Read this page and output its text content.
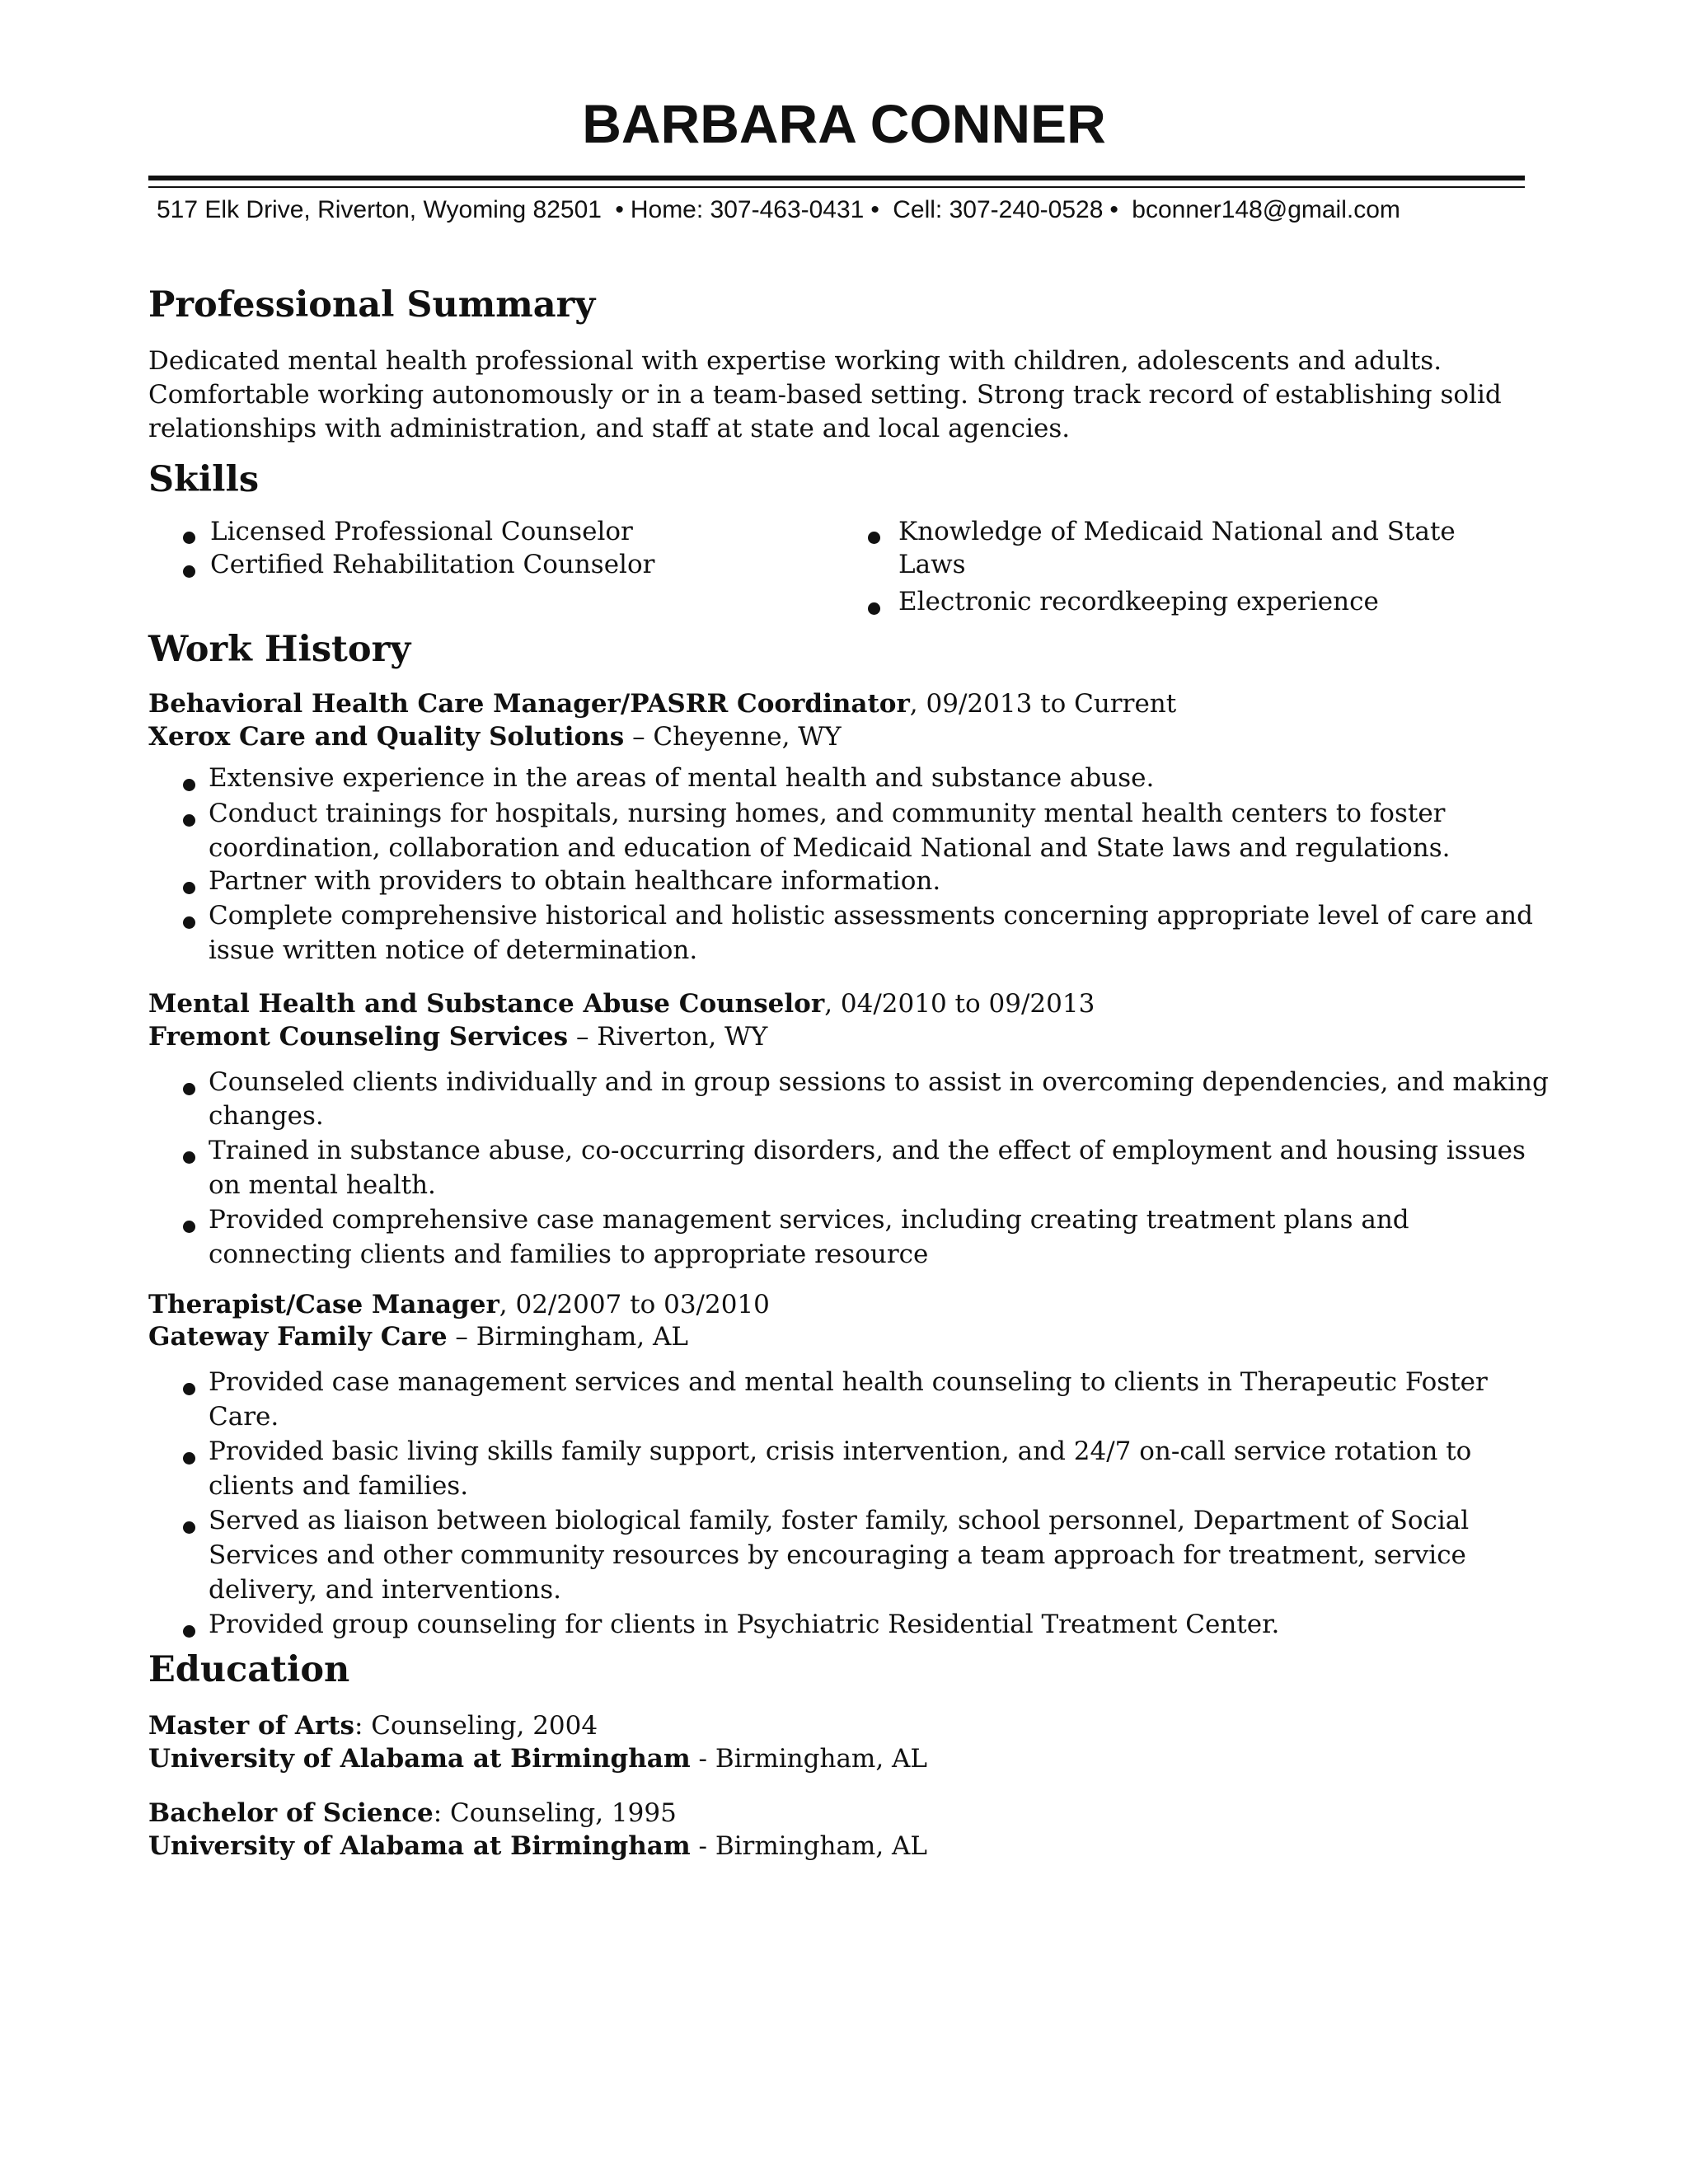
BARBARA CONNER
517 Elk Drive, Riverton, Wyoming 82501 • Home: 307-463-0431 • Cell: 307-240-0528 • bconner148@gmail.com
Professional Summary
Dedicated mental health professional with expertise working with children, adolescents and adults.
Comfortable working autonomously or in a team-based setting. Strong track record of establishing solid
relationships with administration, and staff at state and local agencies.
Skills
Licensed Professional Counselor
Certified Rehabilitation Counselor
Knowledge of Medicaid National and State
Laws
Electronic recordkeeping experience
Work History
Behavioral Health Care Manager/PASRR Coordinator, 09/2013 to Current
Xerox Care and Quality Solutions – Cheyenne, WY
Extensive experience in the areas of mental health and substance abuse.
Conduct trainings for hospitals, nursing homes, and community mental health centers to foster
coordination, collaboration and education of Medicaid National and State laws and regulations.
Partner with providers to obtain healthcare information.
Complete comprehensive historical and holistic assessments concerning appropriate level of care and
issue written notice of determination.
Mental Health and Substance Abuse Counselor, 04/2010 to 09/2013
Fremont Counseling Services – Riverton, WY
Counseled clients individually and in group sessions to assist in overcoming dependencies, and making
changes.
Trained in substance abuse, co-occurring disorders, and the effect of employment and housing issues
on mental health.
Provided comprehensive case management services, including creating treatment plans and
connecting clients and families to appropriate resource
Therapist/Case Manager, 02/2007 to 03/2010
Gateway Family Care – Birmingham, AL
Provided case management services and mental health counseling to clients in Therapeutic Foster
Care.
Provided basic living skills family support, crisis intervention, and 24/7 on-call service rotation to
clients and families.
Served as liaison between biological family, foster family, school personnel, Department of Social
Services and other community resources by encouraging a team approach for treatment, service
delivery, and interventions.
Provided group counseling for clients in Psychiatric Residential Treatment Center.
Education
Master of Arts: Counseling, 2004
University of Alabama at Birmingham - Birmingham, AL
Bachelor of Science: Counseling, 1995
University of Alabama at Birmingham - Birmingham, AL
